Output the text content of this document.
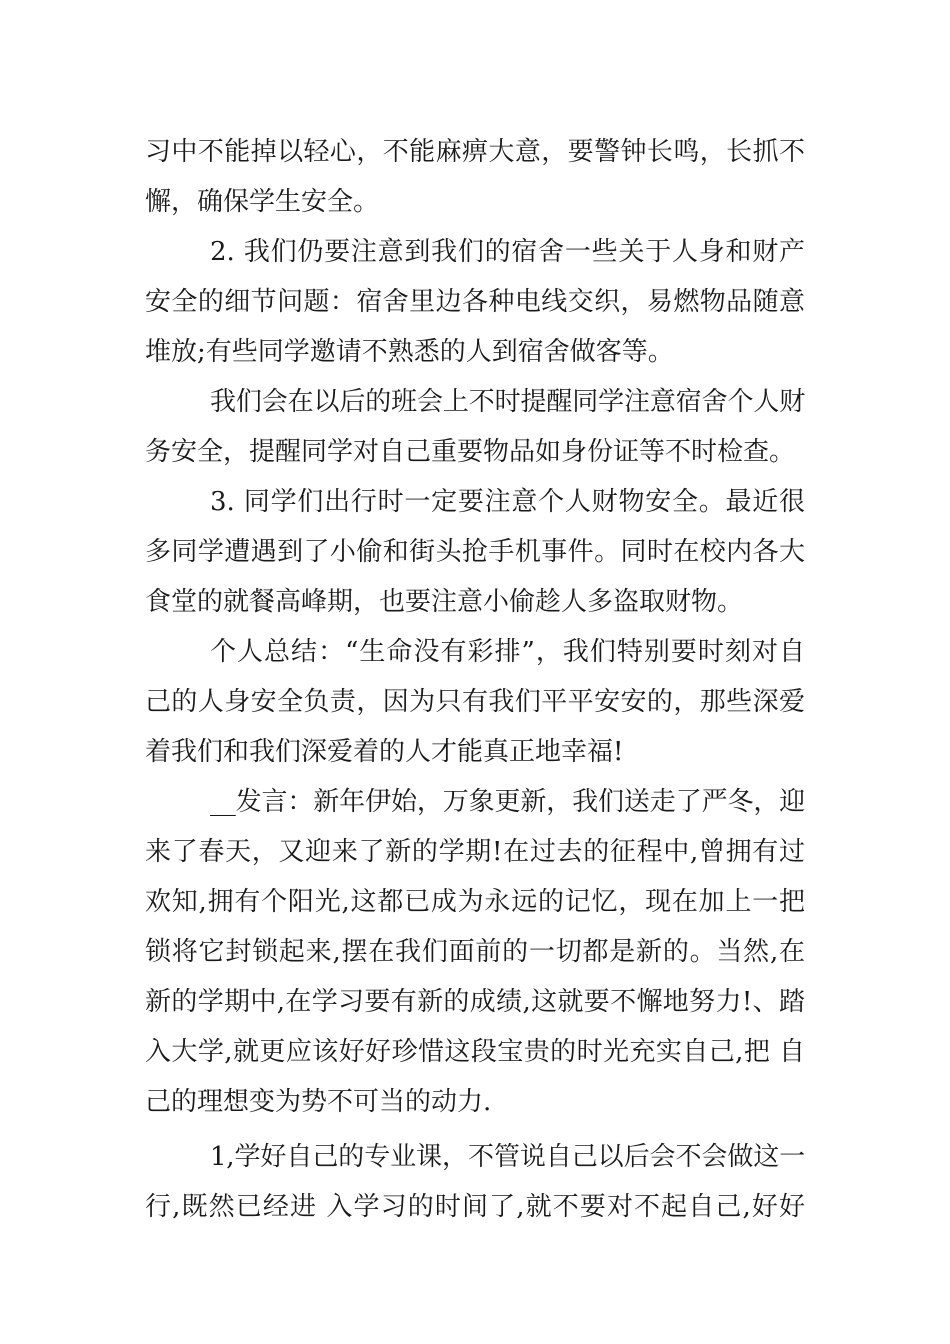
习中不能掉以轻心，不能麻痹大意，要警钟长鸣，长抓不
懈，确保学生安全。
2. 我们仍要注意到我们的宿舍一些关于人身和财产
安全的细节问题：宿舍里边各种电线交织，易燃物品随意
堆放;有些同学邀请不熟悉的人到宿舍做客等。
我们会在以后的班会上不时提醒同学注意宿舍个人财
务安全，提醒同学对自己重要物品如身份证等不时检查。
3. 同学们出行时一定要注意个人财物安全。最近很
多同学遭遇到了小偷和街头抢手机事件。同时在校内各大
食堂的就餐高峰期，也要注意小偷趁人多盗取财物。
个人总结：“生命没有彩排”，我们特别要时刻对自
己的人身安全负责，因为只有我们平平安安的，那些深爱
着我们和我们深爱着的人才能真正地幸福!
__发言：新年伊始，万象更新，我们送走了严冬，迎
来了春天，又迎来了新的学期!在过去的征程中,曾拥有过
欢知,拥有个阳光,这都已成为永远的记忆，现在加上一把
锁将它封锁起来,摆在我们面前的一切都是新的。当然,在
新的学期中,在学习要有新的成绩,这就要不懈地努力!、踏
入大学,就更应该好好珍惜这段宝贵的时光充实自己,把 自
己的理想变为势不可当的动力.
1,学好自己的专业课，不管说自己以后会不会做这一
行,既然已经进 入学习的时间了,就不要对不起自己,好好
